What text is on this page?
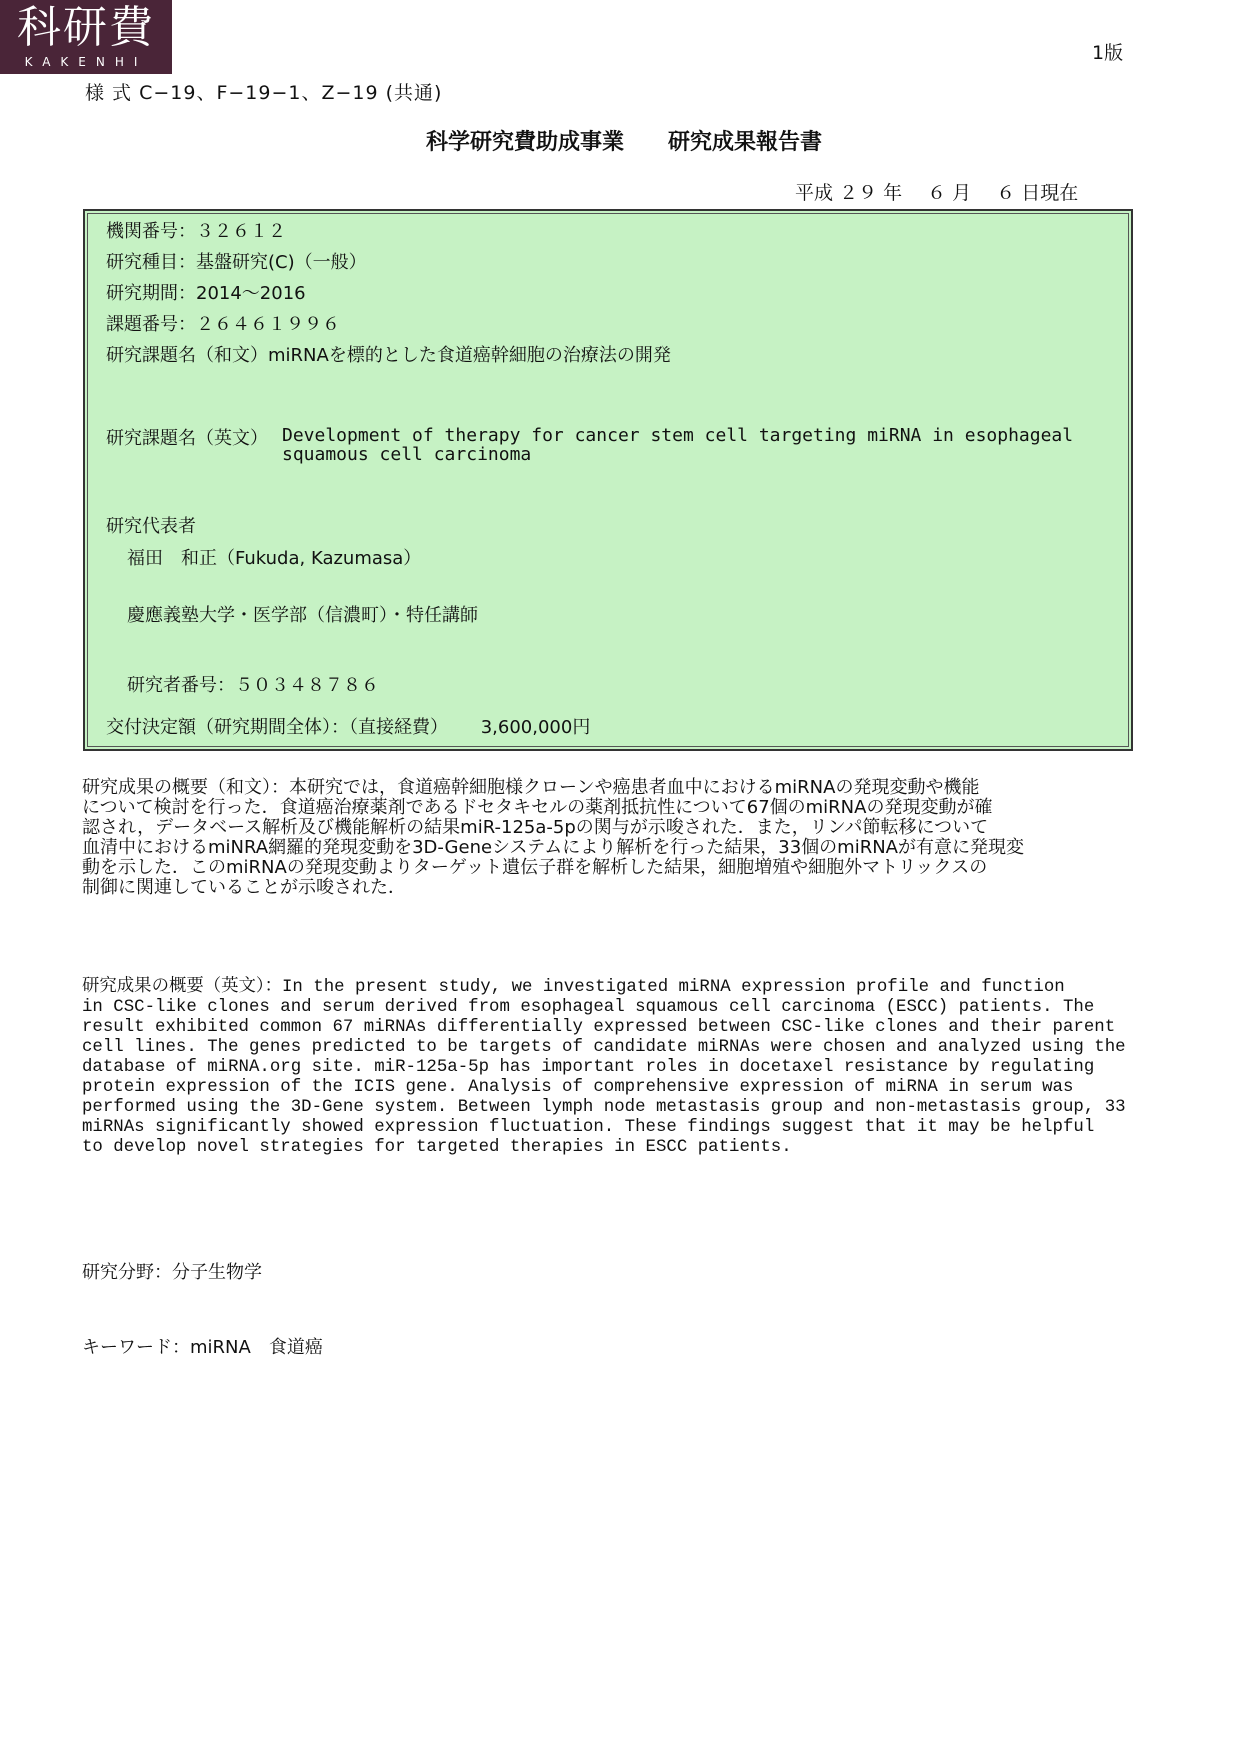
1版
様 式 C−19、F−19−1、Z−19 (共通)
科研費
KAKENHI
科学研究費助成事業　　研究成果報告書
平成 ２９ 年　 ６ 月　 ６ 日現在
機関番号：３２６１２
研究種目：基盤研究(C)（一般）
研究期間：2014～2016
課題番号：２６４６１９９６
研究課題名（和文）miRNAを標的とした食道癌幹細胞の治療法の開発
研究課題名（英文） Development of therapy for cancer stem cell targeting miRNA in esophageal
squamous cell carcinoma
研究代表者
福田　和正（Fukuda, Kazumasa）
慶應義塾大学・医学部（信濃町）・特任講師
研究者番号：５０３４８７８６
交付決定額（研究期間全体）：（直接経費）　　 3,600,000円
研究成果の概要（和文）：本研究では，食道癌幹細胞様クローンや癌患者血中におけるmiRNAの発現変動や機能
について検討を行った．食道癌治療薬剤であるドセタキセルの薬剤抵抗性について67個のmiRNAの発現変動が確
認され，データベース解析及び機能解析の結果miR-125a-5pの関与が示唆された．また，リンパ節転移について
血清中におけるmiNRA網羅的発現変動を3D-Geneシステムにより解析を行った結果，33個のmiRNAが有意に発現変
動を示した．このmiRNAの発現変動よりターゲット遺伝子群を解析した結果，細胞増殖や細胞外マトリックスの
制御に関連していることが示唆された．
研究成果の概要（英文）：In the present study, we investigated miRNA expression profile and function
in CSC-like clones and serum derived from esophageal squamous cell carcinoma (ESCC) patients. The
result exhibited common 67 miRNAs differentially expressed between CSC-like clones and their parent
cell lines. The genes predicted to be targets of candidate miRNAs were chosen and analyzed using the
database of miRNA.org site. miR-125a-5p has important roles in docetaxel resistance by regulating
protein expression of the ICIS gene. Analysis of comprehensive expression of miRNA in serum was
performed using the 3D-Gene system. Between lymph node metastasis group and non-metastasis group, 33
miRNAs significantly showed expression fluctuation. These findings suggest that it may be helpful
to develop novel strategies for targeted therapies in ESCC patients.
研究分野：分子生物学
キーワード：miRNA　食道癌
